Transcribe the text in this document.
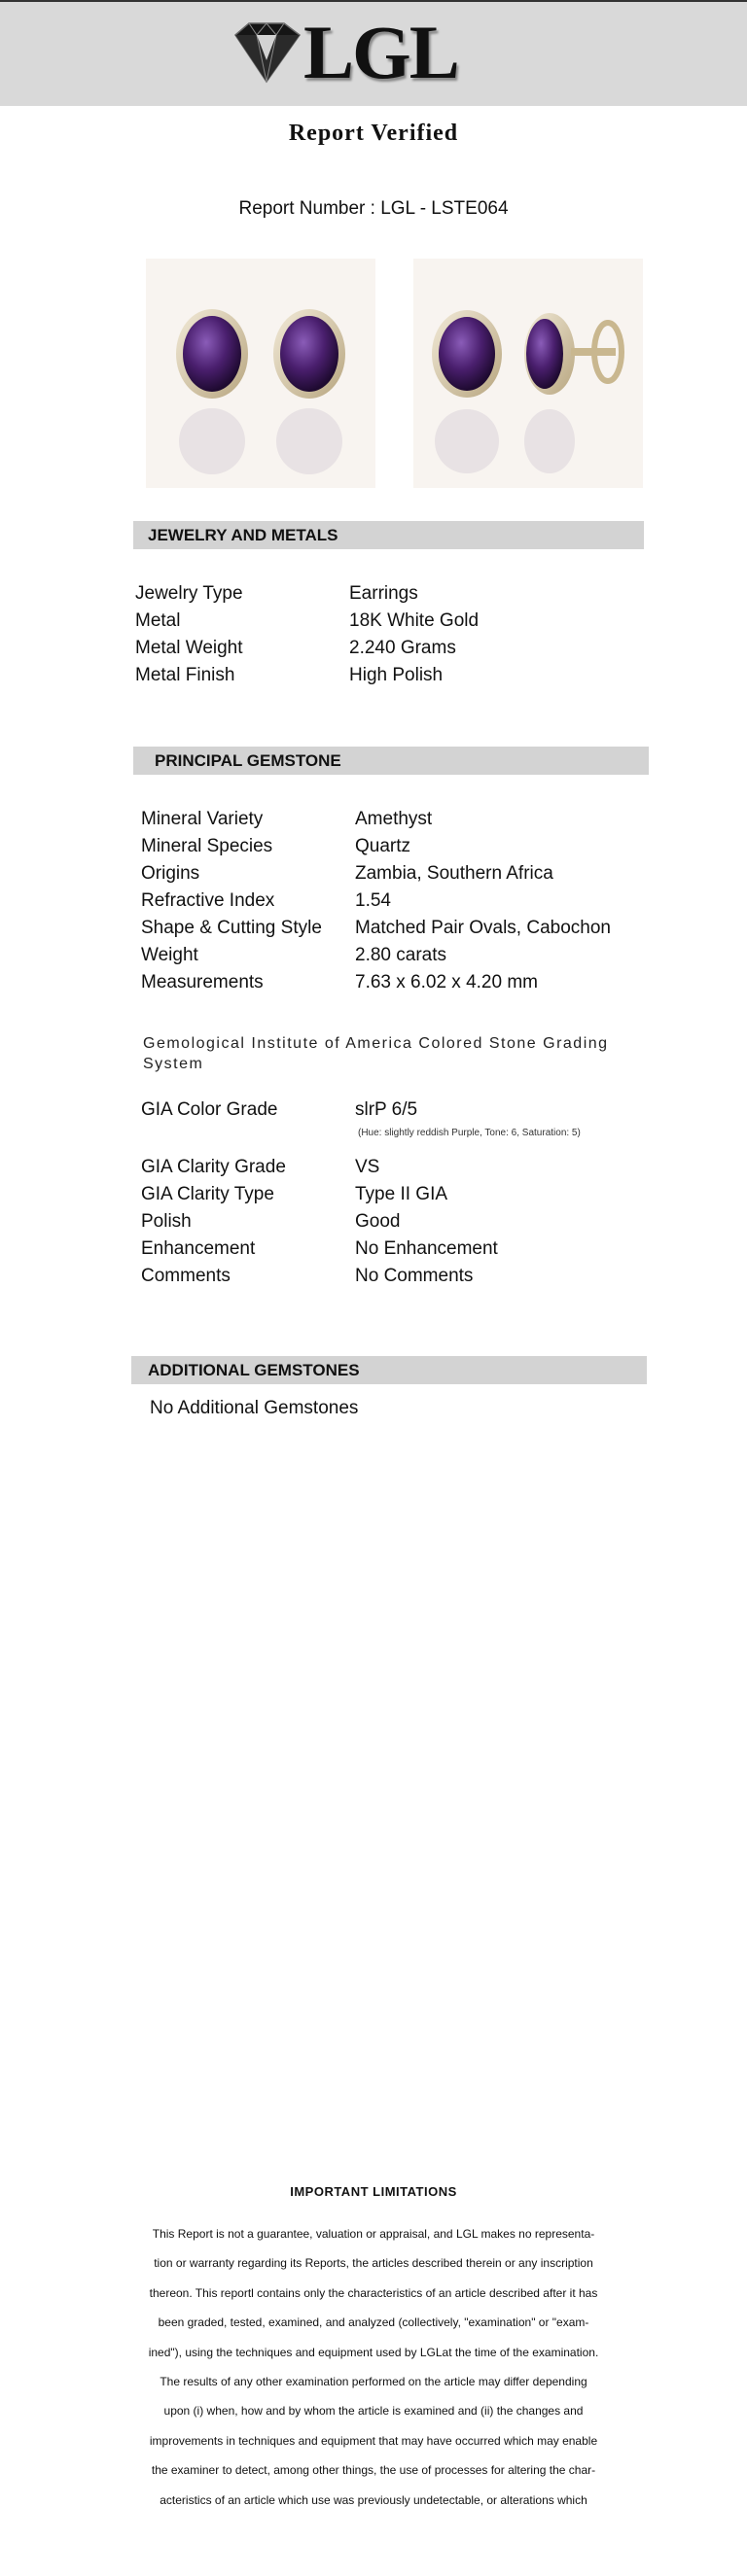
LGL
Report Verified
Report Number : LGL - LSTE064
JEWELRY AND METALS
Jewelry Type	Earrings
Metal	18K White Gold
Metal Weight	2.240 Grams
Metal Finish	High Polish
PRINCIPAL GEMSTONE
Mineral Variety	Amethyst
Mineral Species	Quartz
Origins	Zambia, Southern Africa
Refractive Index	1.54
Shape & Cutting Style	Matched Pair Ovals, Cabochon
Weight	2.80 carats
Measurements	7.63 x 6.02 x 4.20 mm
Gemological Institute of America Colored Stone Grading System
GIA Color Grade	slrP 6/5
(Hue: slightly reddish Purple, Tone: 6, Saturation: 5)
GIA Clarity Grade	VS
GIA Clarity Type	Type II GIA
Polish	Good
Enhancement	No Enhancement
Comments	No Comments
ADDITIONAL GEMSTONES
No Additional Gemstones
IMPORTANT LIMITATIONS
This Report is not a guarantee, valuation or appraisal, and LGL makes no representa-
tion or warranty regarding its Reports, the articles described therein or any inscription
thereon. This reportl contains only the characteristics of an article described after it has
been graded, tested, examined, and analyzed (collectively, "examination" or "exam-
ined"), using the techniques and equipment used by LGLat the time of the examination.
The results of any other examination performed on the article may differ depending
upon (i) when, how and by whom the article is examined and (ii) the changes and
improvements in techniques and equipment that may have occurred which may enable
the examiner to detect, among other things, the use of processes for altering the char-
acteristics of an article which use was previously undetectable, or alterations which
